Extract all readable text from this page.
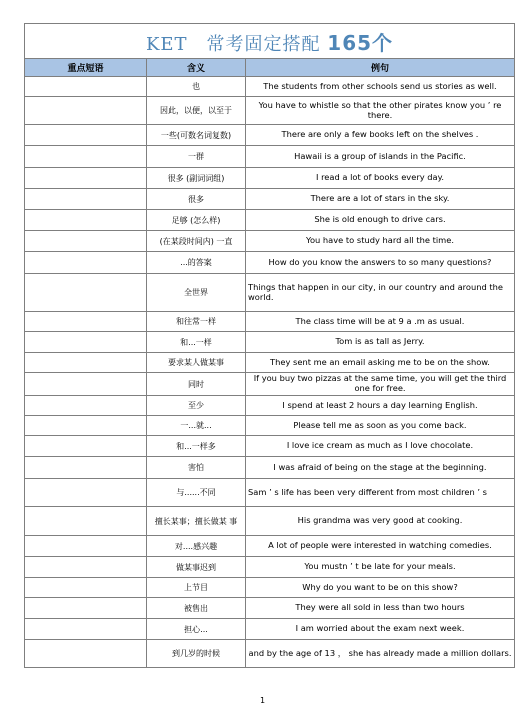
KET　常考固定搭配 165个		
重点短语	含义	例句
	也	The students from other schools send us stories as well.
	因此，以便，以至于	You have to whistle so that the other pirates know you ’ re there.
	一些(可数名词复数)	There are only a few books left on the shelves .
	一群	Hawaii is a group of islands in the Pacific.
	很多 (副词词组)	I read a lot of books every day.
	很多	There are a lot of stars in the sky.
	足够 (怎么样)	She is old enough to drive cars.
	(在某段时间内) 一直	You have to study hard all the time.
	...的答案	How do you know the answers to so many questions?
	全世界	Things that happen in our city, in our country and around the world.
	和往常一样	The class time will be at 9 a .m as usual.
	和...一样	Tom is as tall as Jerry.
	要求某人做某事	They sent me an email asking me to be on the show.
	同时	If you buy two pizzas at the same time, you will get the third one for free.
	至少	I spend at least 2 hours a day learning English.
	一...就...	Please tell me as soon as you come back.
	和...一样多	I love ice cream as much as I love chocolate.
	害怕	I was afraid of being on the stage at the beginning.
	与......不同	Sam ’ s life has been very different from most children ’ s
	擅长某事；擅长做某 事	His grandma was very good at cooking.
	对....感兴趣	A lot of people were interested in watching comedies.
	做某事迟到	You mustn ’ t be late for your meals.
	上节目	Why do you want to be on this show?
	被售出	They were all sold in less than two hours
	担心...	I am worried about the exam next week.
	到几岁的时候	and by the age of 13 ， she has already made a million dollars.
1
